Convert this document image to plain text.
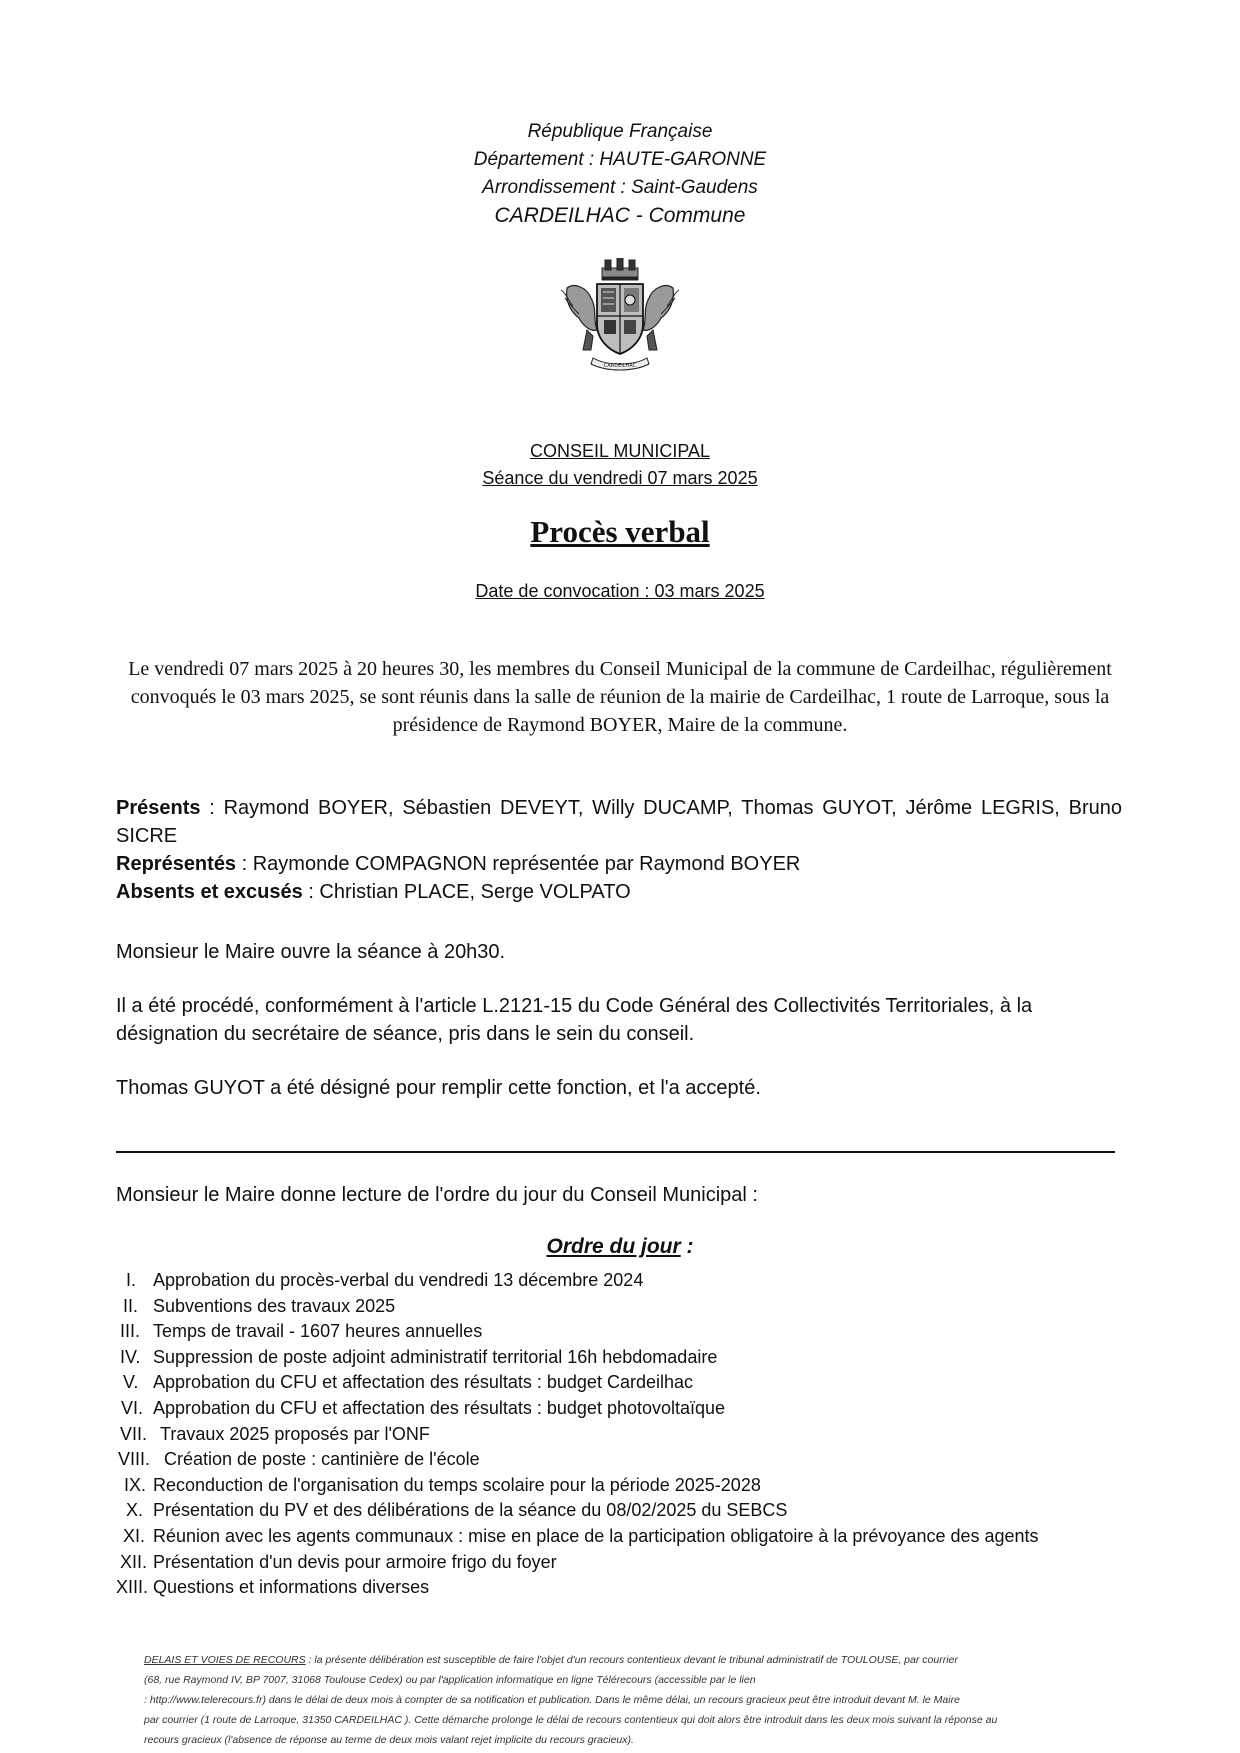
République Française
Département : HAUTE-GARONNE
Arrondissement : Saint-Gaudens
CARDEILHAC - Commune
CARDEILHAC
CONSEIL MUNICIPAL
Séance du vendredi 07 mars 2025
Procès verbal
Date de convocation : 03 mars 2025
Le vendredi 07 mars 2025 à 20 heures 30, les membres du Conseil Municipal de la commune de Cardeilhac, régulièrement convoqués le 03 mars 2025, se sont réunis dans la salle de réunion de la mairie de Cardeilhac, 1 route de Larroque, sous la présidence de Raymond BOYER, Maire de la commune.
Présents : Raymond BOYER, Sébastien DEVEYT, Willy DUCAMP, Thomas GUYOT, Jérôme LEGRIS, Bruno SICRE
Représentés : Raymonde COMPAGNON représentée par Raymond BOYER
Absents et excusés : Christian PLACE, Serge VOLPATO
Monsieur le Maire ouvre la séance à 20h30.
Il a été procédé, conformément à l'article L.2121-15 du Code Général des Collectivités Territoriales, à la désignation du secrétaire de séance, pris dans le sein du conseil.
Thomas GUYOT a été désigné pour remplir cette fonction, et l'a accepté.
Monsieur le Maire donne lecture de l'ordre du jour du Conseil Municipal :
Ordre du jour :
I. Approbation du procès-verbal du vendredi 13 décembre 2024
II. Subventions des travaux 2025
III. Temps de travail - 1607 heures annuelles
IV. Suppression de poste adjoint administratif territorial 16h hebdomadaire
V. Approbation du CFU et affectation des résultats : budget Cardeilhac
VI. Approbation du CFU et affectation des résultats : budget photovoltaïque
VII. Travaux 2025 proposés par l'ONF
VIII. Création de poste : cantinière de l'école
IX. Reconduction de l'organisation du temps scolaire pour la période 2025-2028
X. Présentation du PV et des délibérations de la séance du 08/02/2025 du SEBCS
XI. Réunion avec les agents communaux : mise en place de la participation obligatoire à la prévoyance des agents
XII. Présentation d'un devis pour armoire frigo du foyer
XIII. Questions et informations diverses
DELAIS ET VOIES DE RECOURS : la présente délibération est susceptible de faire l'objet d'un recours contentieux devant le tribunal administratif de TOULOUSE, par courrier
(68, rue Raymond IV, BP 7007, 31068 Toulouse Cedex) ou par l'application informatique en ligne Télérecours (accessible par le lien
: http://www.telerecours.fr) dans le délai de deux mois à compter de sa notification et publication. Dans le même délai, un recours gracieux peut être introduit devant M. le Maire
par courrier (1 route de Larroque, 31350 CARDEILHAC ). Cette démarche prolonge le délai de recours contentieux qui doit alors être introduit dans les deux mois suivant la réponse au
recours gracieux (l'absence de réponse au terme de deux mois valant rejet implicite du recours gracieux).
